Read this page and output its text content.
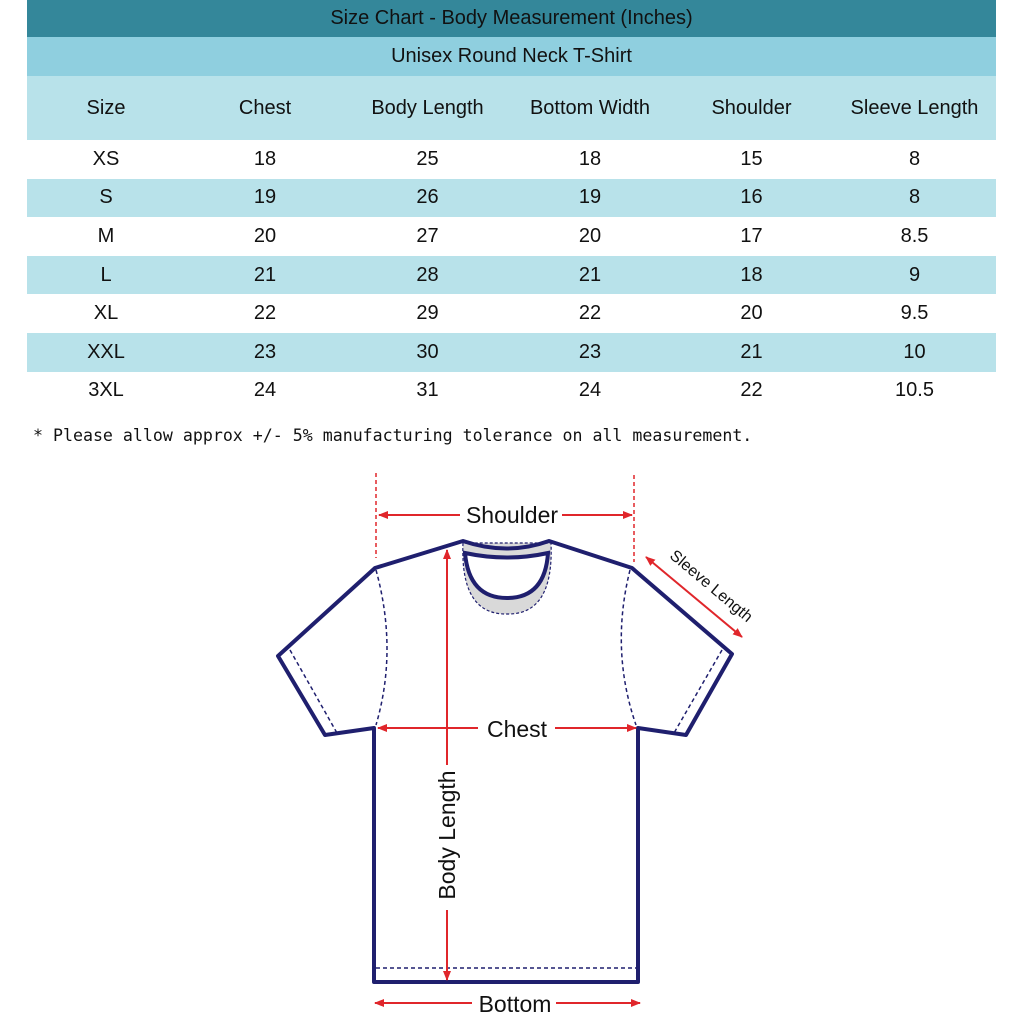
Size Chart - Body Measurement (Inches)
Unisex Round Neck T-Shirt
Size	Chest	Body Length	Bottom Width	Shoulder	Sleeve Length
XS	18	25	18	15	8
S	19	26	19	16	8
M	20	27	20	17	8.5
L	21	28	21	18	9
XL	22	29	22	20	9.5
XXL	23	30	23	21	10
3XL	24	31	24	22	10.5
* Please allow approx +/- 5% manufacturing tolerance on all measurement.
Shoulder
Chest
Bottom
Body Length
Sleeve Length
